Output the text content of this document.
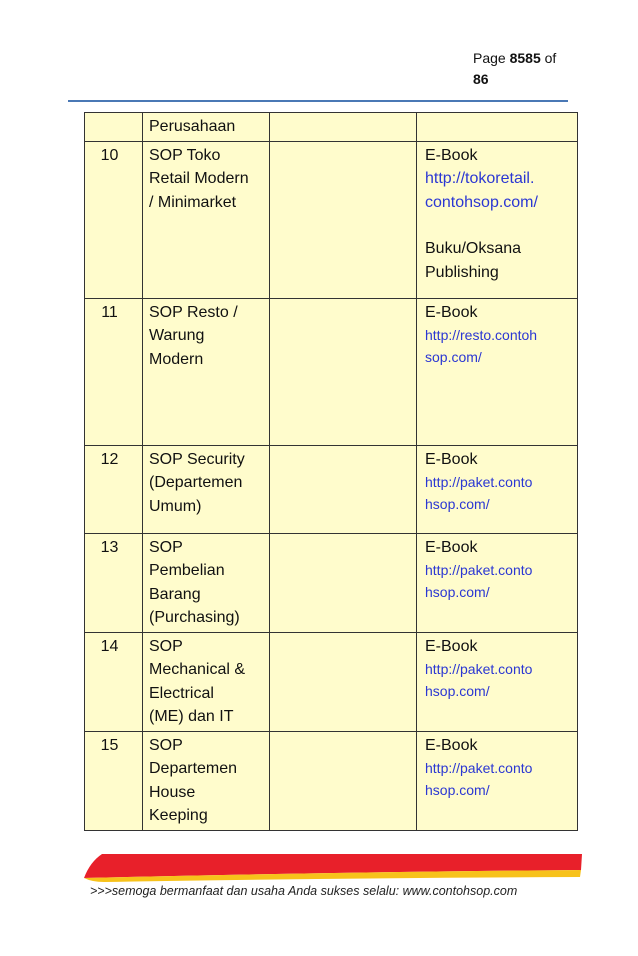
Page 8585 of
86
	Perusahaan		
10	SOP Toko
Retail Modern
/ Minimarket		E-Book
http://tokoretail.
contohsop.com/
Buku/Oksana
Publishing

11	SOP Resto /
Warung
Modern		E-Book
http://resto.contoh
sop.com/

12	SOP Security
(Departemen
Umum)		E-Book
http://paket.conto
hsop.com/

13	SOP
Pembelian
Barang
(Purchasing)		E-Book
http://paket.conto
hsop.com/

14	SOP
Mechanical &
Electrical
(ME) dan IT		E-Book
http://paket.conto
hsop.com/

15	SOP
Departemen
House
Keeping		E-Book
http://paket.conto
hsop.com/
>>>semoga bermanfaat dan usaha Anda sukses selalu: www.contohsop.com
